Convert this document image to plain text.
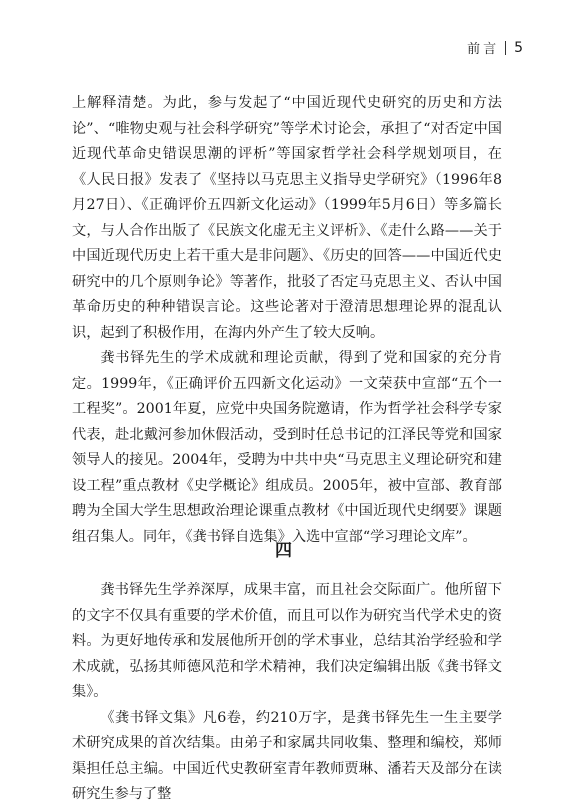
前言 5

上解释清楚。为此，参与发起了“中国近现代史研究的历史和方法论”、“唯物史观与社会科学研究”等学术讨论会，承担了“对否定中国近现代革命史错误思潮的评析”等国家哲学社会科学规划项目，在《人民日报》发表了《坚持以马克思主义指导史学研究》（1996年8月27日）、《正确评价五四新文化运动》（1999年5月6日）等多篇长文，与人合作出版了《民族文化虚无主义评析》、《走什么路——关于中国近现代历史上若干重大是非问题》、《历史的回答——中国近代史研究中的几个原则争论》等著作，批驳了否定马克思主义、否认中国革命历史的种种错误言论。这些论著对于澄清思想理论界的混乱认识，起到了积极作用，在海内外产生了较大反响。

龚书铎先生的学术成就和理论贡献，得到了党和国家的充分肯定。1999年，《正确评价五四新文化运动》一文荣获中宣部“五个一工程奖”。2001年夏，应党中央国务院邀请，作为哲学社会科学专家代表，赴北戴河参加休假活动，受到时任总书记的江泽民等党和国家领导人的接见。2004年，受聘为中共中央“马克思主义理论研究和建设工程”重点教材《史学概论》组成员。2005年，被中宣部、教育部聘为全国大学生思想政治理论课重点教材《中国近现代史纲要》课题组召集人。同年，《龚书铎自选集》入选中宣部“学习理论文库”。

四

龚书铎先生学养深厚，成果丰富，而且社会交际面广。他所留下的文字不仅具有重要的学术价值，而且可以作为研究当代学术史的资料。为更好地传承和发展他所开创的学术事业，总结其治学经验和学术成就，弘扬其师德风范和学术精神，我们决定编辑出版《龚书铎文集》。

《龚书铎文集》凡6卷，约210万字，是龚书铎先生一生主要学术研究成果的首次结集。由弟子和家属共同收集、整理和编校，郑师渠担任总主编。中国近代史教研室青年教师贾琳、潘若天及部分在读研究生参与了整
